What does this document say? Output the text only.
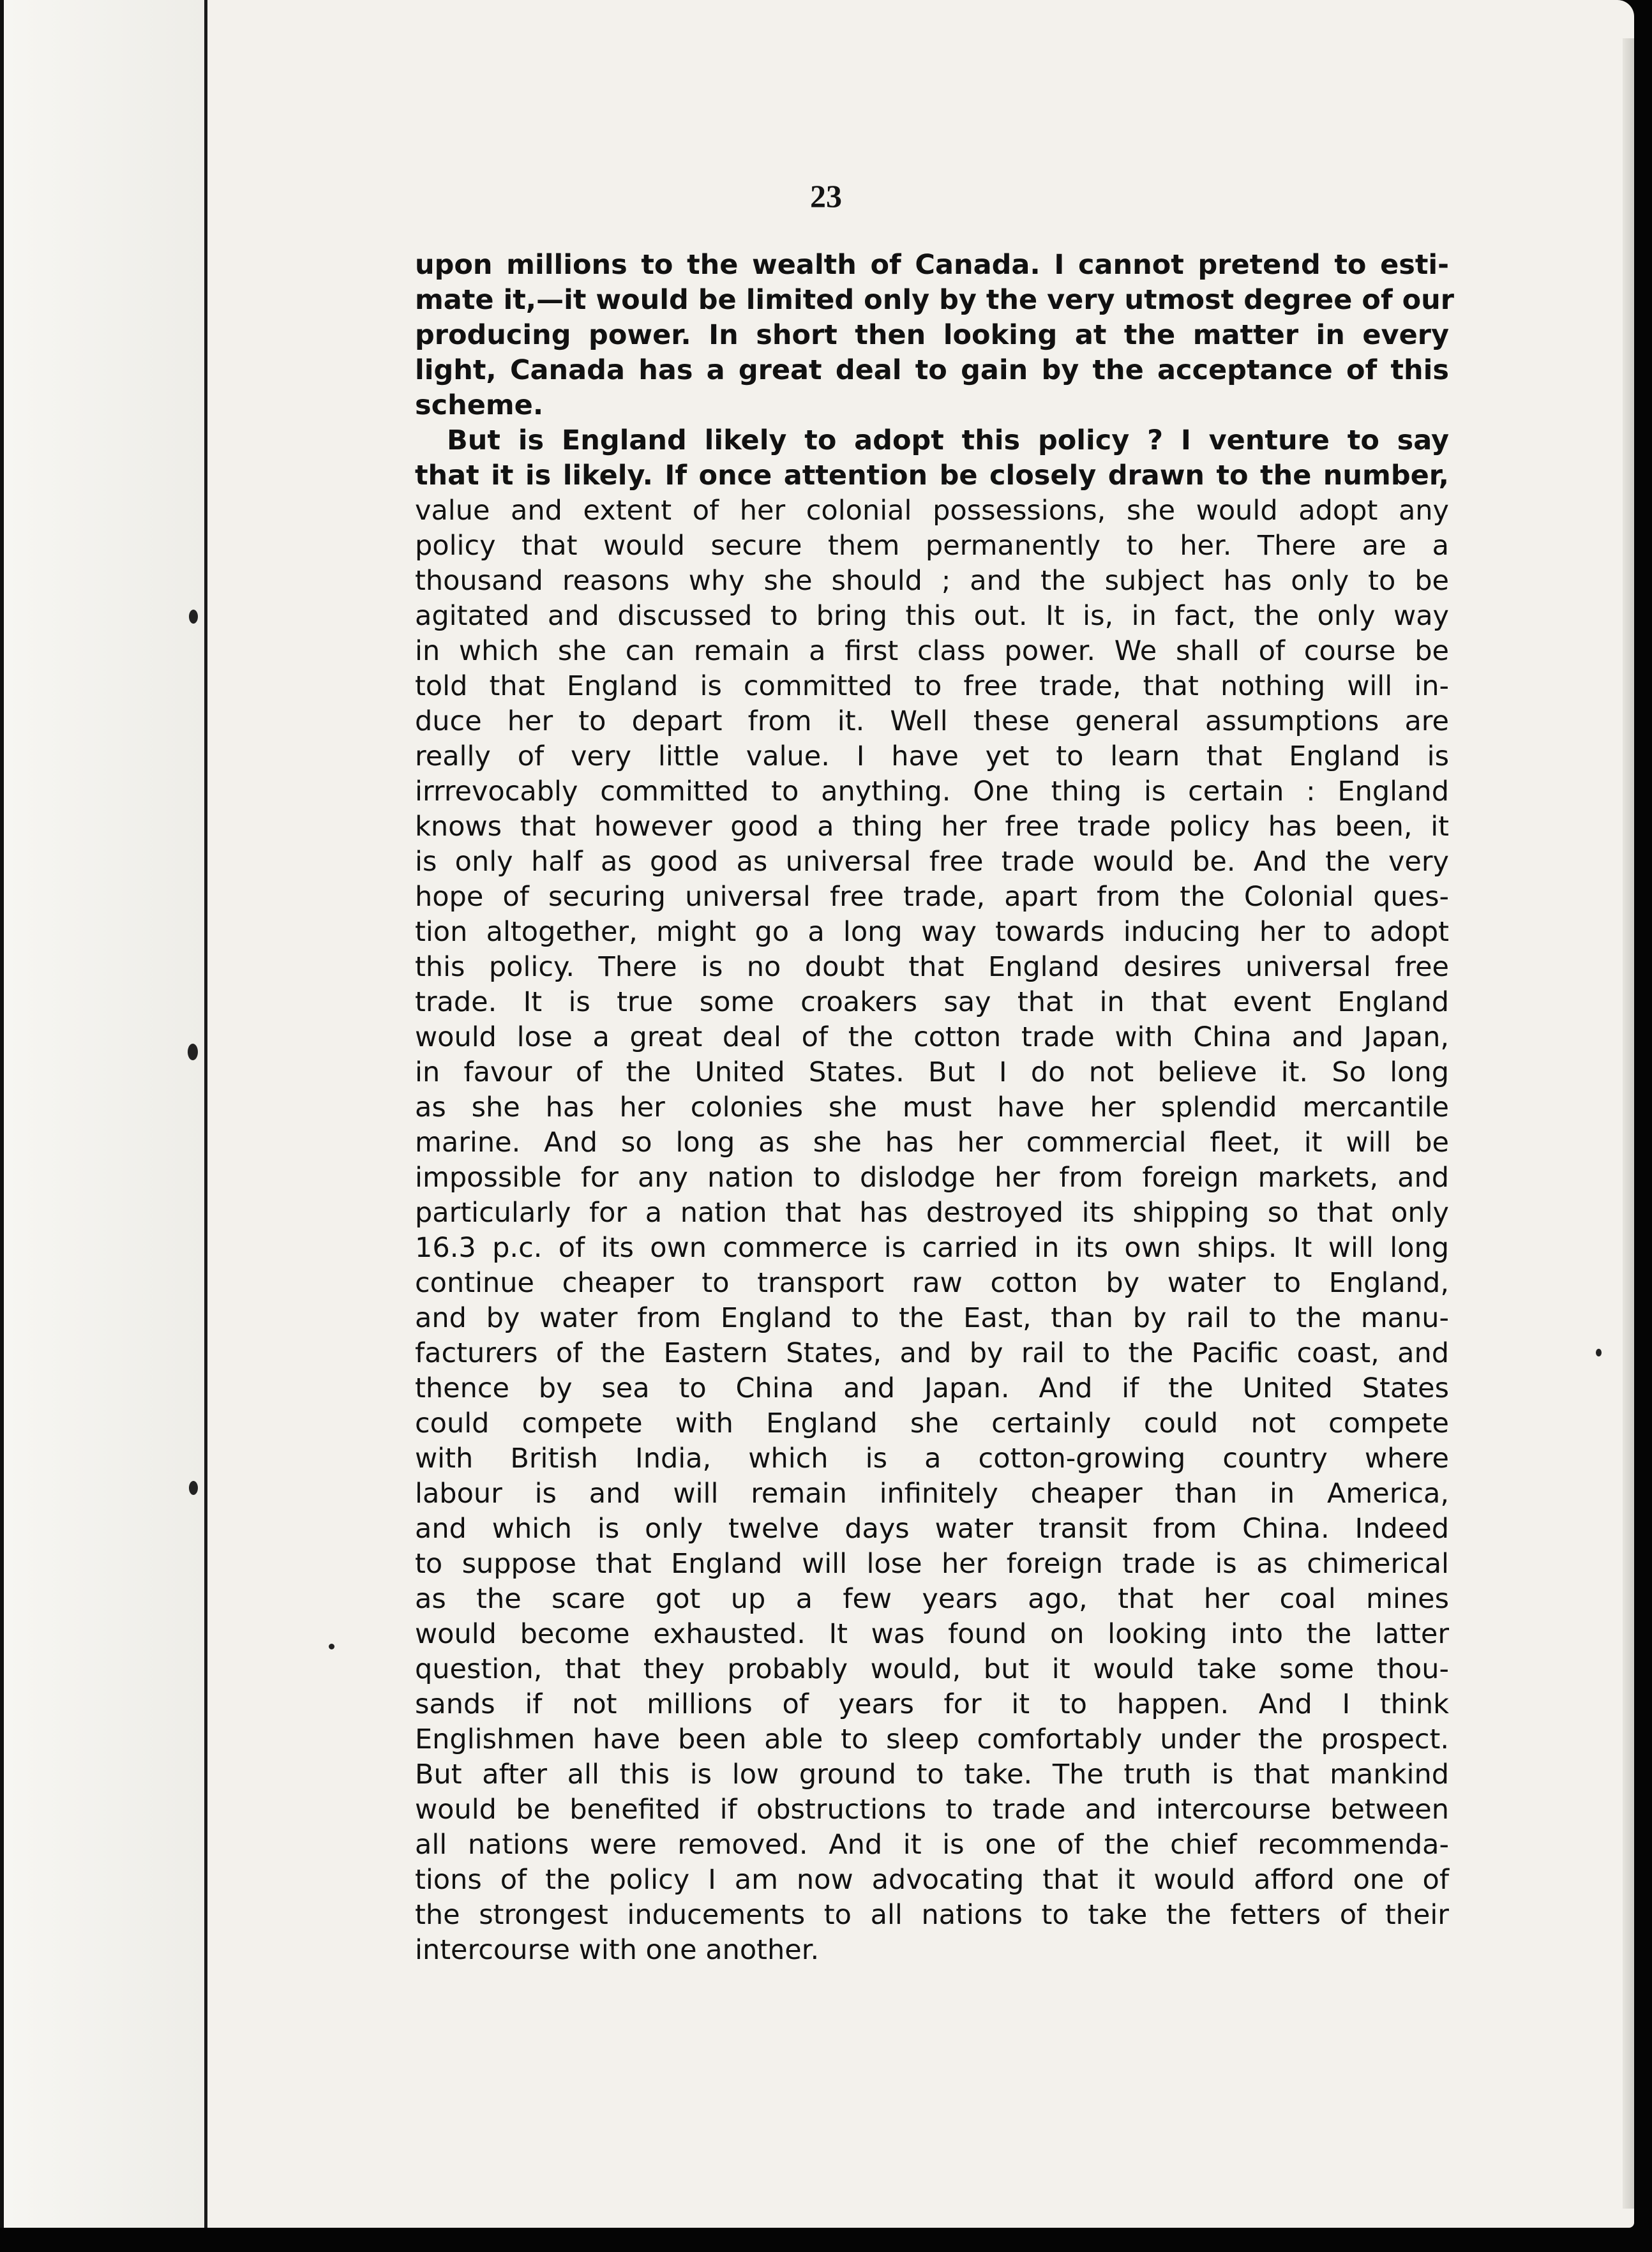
23
upon millions to the wealth of Canada. I cannot pretend to esti-
mate it,—it would be limited only by the very utmost degree of our
producing power. In short then looking at the matter in every
light, Canada has a great deal to gain by the acceptance of this
scheme.
But is England likely to adopt this policy ? I venture to say
that it is likely. If once attention be closely drawn to the number,
value and extent of her colonial possessions, she would adopt any
policy that would secure them permanently to her. There are a
thousand reasons why she should ; and the subject has only to be
agitated and discussed to bring this out. It is, in fact, the only way
in which she can remain a first class power. We shall of course be
told that England is committed to free trade, that nothing will in-
duce her to depart from it. Well these general assumptions are
really of very little value. I have yet to learn that England is
irrrevocably committed to anything. One thing is certain : England
knows that however good a thing her free trade policy has been, it
is only half as good as universal free trade would be. And the very
hope of securing universal free trade, apart from the Colonial ques-
tion altogether, might go a long way towards inducing her to adopt
this policy. There is no doubt that England desires universal free
trade. It is true some croakers say that in that event England
would lose a great deal of the cotton trade with China and Japan,
in favour of the United States. But I do not believe it. So long
as she has her colonies she must have her splendid mercantile
marine. And so long as she has her commercial fleet, it will be
impossible for any nation to dislodge her from foreign markets, and
particularly for a nation that has destroyed its shipping so that only
16.3 p.c. of its own commerce is carried in its own ships. It will long
continue cheaper to transport raw cotton by water to England,
and by water from England to the East, than by rail to the manu-
facturers of the Eastern States, and by rail to the Pacific coast, and
thence by sea to China and Japan. And if the United States
could compete with England she certainly could not compete
with British India, which is a cotton-growing country where
labour is and will remain infinitely cheaper than in America,
and which is only twelve days water transit from China. Indeed
to suppose that England will lose her foreign trade is as chimerical
as the scare got up a few years ago, that her coal mines
would become exhausted. It was found on looking into the latter
question, that they probably would, but it would take some thou-
sands if not millions of years for it to happen. And I think
Englishmen have been able to sleep comfortably under the prospect.
But after all this is low ground to take. The truth is that mankind
would be benefited if obstructions to trade and intercourse between
all nations were removed. And it is one of the chief recommenda-
tions of the policy I am now advocating that it would afford one of
the strongest inducements to all nations to take the fetters of their
intercourse with one another.
